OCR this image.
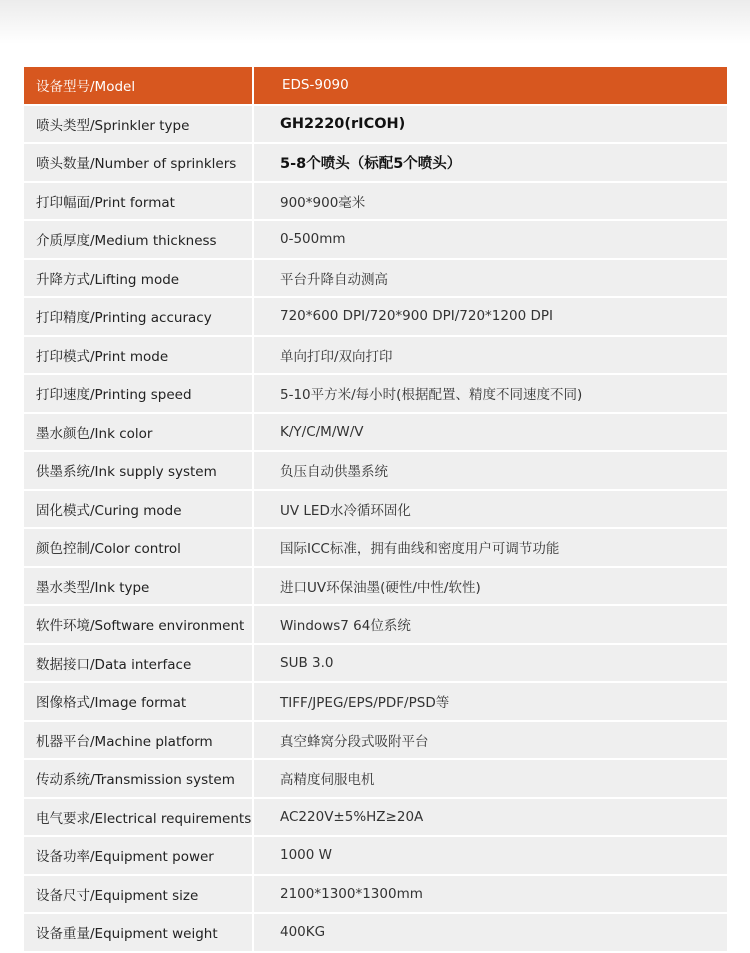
设备型号/Model	EDS-9090
喷头类型/Sprinkler type	GH2220(rICOH)
喷头数量/Number of sprinklers	5-8个喷头（标配5个喷头）
打印幅面/Print format	900*900毫米
介质厚度/Medium thickness	0-500mm
升降方式/Lifting mode	平台升降自动测高
打印精度/Printing accuracy	720*600 DPI/720*900 DPI/720*1200 DPI
打印模式/Print mode	单向打印/双向打印
打印速度/Printing speed	5-10平方米/每小时(根据配置、精度不同速度不同)
墨水颜色/Ink color	K/Y/C/M/W/V
供墨系统/Ink supply system	负压自动供墨系统
固化模式/Curing mode	UV LED水冷循环固化
颜色控制/Color control	国际ICC标准，拥有曲线和密度用户可调节功能
墨水类型/Ink type	进口UV环保油墨(硬性/中性/软性)
软件环境/Software environment	Windows7 64位系统
数据接口/Data interface	SUB 3.0
图像格式/Image format	TIFF/JPEG/EPS/PDF/PSD等
机器平台/Machine platform	真空蜂窝分段式吸附平台
传动系统/Transmission system	高精度伺服电机
电气要求/Electrical requirements	AC220V±5%HZ≥20A
设备功率/Equipment power	1000 W
设备尺寸/Equipment size	2100*1300*1300mm
设备重量/Equipment weight	400KG
